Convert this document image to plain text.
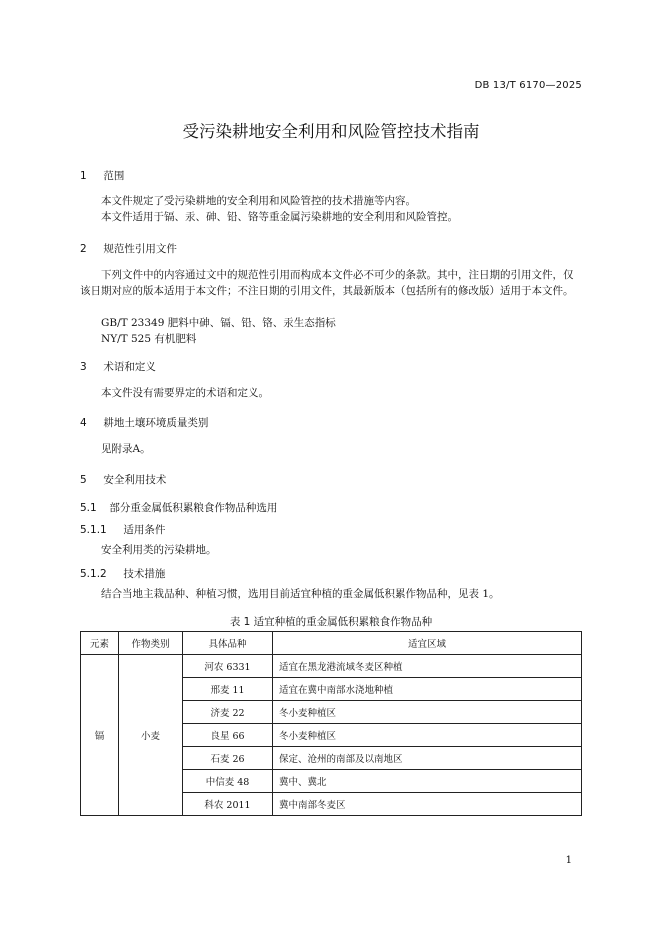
DB 13/T 6170—2025
受污染耕地安全利用和风险管控技术指南
1 范围
本文件规定了受污染耕地的安全利用和风险管控的技术措施等内容。
本文件适用于镉、汞、砷、铅、铬等重金属污染耕地的安全利用和风险管控。
2 规范性引用文件
下列文件中的内容通过文中的规范性引用而构成本文件必不可少的条款。其中，注日期的引用文件，仅该日期对应的版本适用于本文件；不注日期的引用文件，其最新版本（包括所有的修改版）适用于本文件。
GB/T 23349 肥料中砷、镉、铅、铬、汞生态指标
NY/T 525 有机肥料
3 术语和定义
本文件没有需要界定的术语和定义。
4 耕地土壤环境质量类别
见附录A。
5 安全利用技术
5.1 部分重金属低积累粮食作物品种选用
5.1.1 适用条件
安全利用类的污染耕地。
5.1.2 技术措施
结合当地主栽品种、种植习惯，选用目前适宜种植的重金属低积累作物品种，见表 1。
表 1 适宜种植的重金属低积累粮食作物品种
元素	作物类别	具体品种	适宜区域
镉	小麦	河农 6331	适宜在黑龙港流域冬麦区种植
		邢麦 11	适宜在冀中南部水浇地种植
		济麦 22	冬小麦种植区
		良星 66	冬小麦种植区
		石麦 26	保定、沧州的南部及以南地区
		中信麦 48	冀中、冀北
		科农 2011	冀中南部冬麦区
1
